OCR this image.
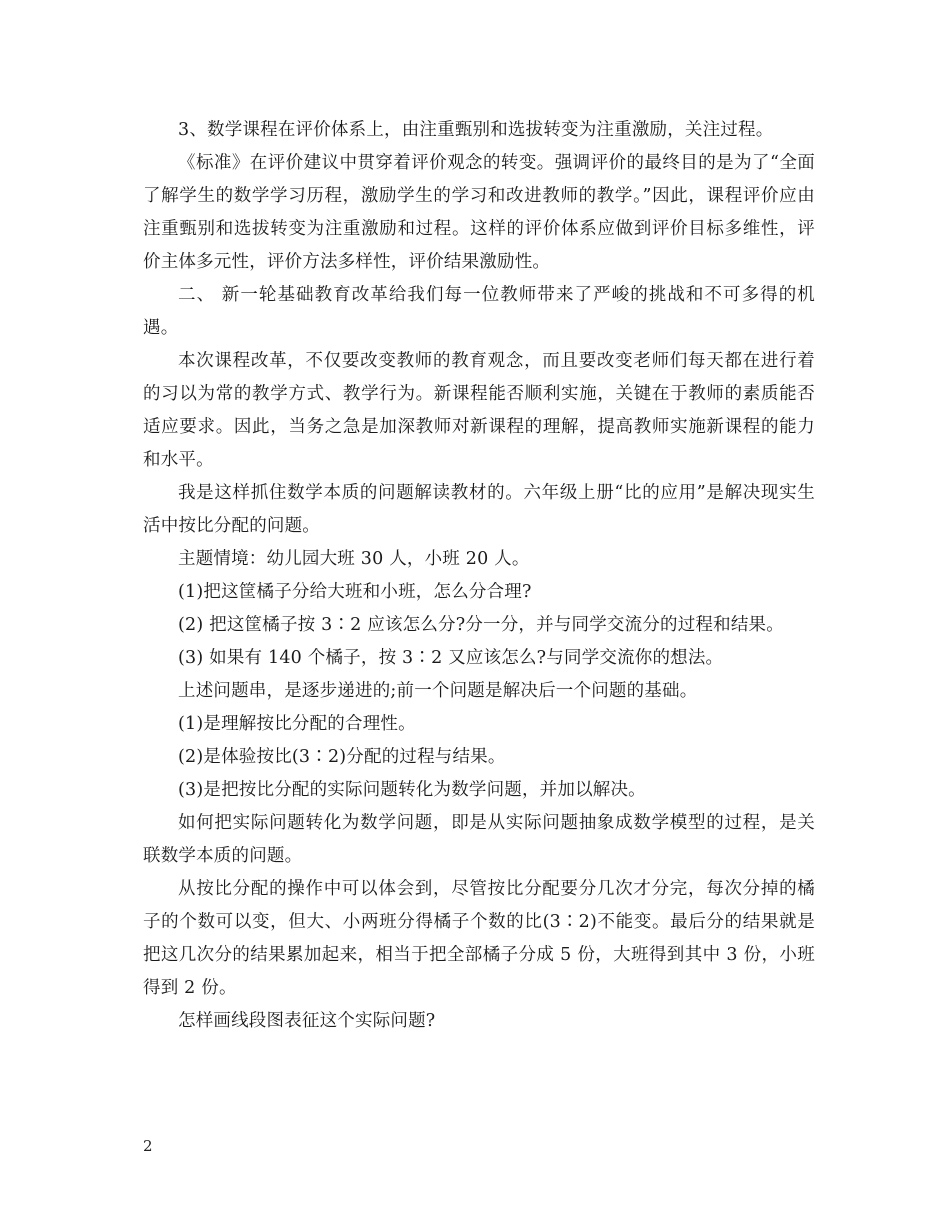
3、数学课程在评价体系上，由注重甄别和选拔转变为注重激励，关注过程。

《标准》在评价建议中贯穿着评价观念的转变。强调评价的最终目的是为了“全面了解学生的数学学习历程，激励学生的学习和改进教师的教学。”因此，课程评价应由注重甄别和选拔转变为注重激励和过程。这样的评价体系应做到评价目标多维性，评价主体多元性，评价方法多样性，评价结果激励性。

二、 新一轮基础教育改革给我们每一位教师带来了严峻的挑战和不可多得的机遇。

本次课程改革，不仅要改变教师的教育观念，而且要改变老师们每天都在进行着的习以为常的教学方式、教学行为。新课程能否顺利实施，关键在于教师的素质能否适应要求。因此，当务之急是加深教师对新课程的理解，提高教师实施新课程的能力和水平。

我是这样抓住数学本质的问题解读教材的。六年级上册“比的应用”是解决现实生活中按比分配的问题。

主题情境：幼儿园大班 30 人，小班 20 人。

(1)把这筐橘子分给大班和小班，怎么分合理?

(2) 把这筐橘子按 3∶2 应该怎么分?分一分，并与同学交流分的过程和结果。

(3) 如果有 140 个橘子，按 3∶2 又应该怎么?与同学交流你的想法。

上述问题串，是逐步递进的;前一个问题是解决后一个问题的基础。

(1)是理解按比分配的合理性。

(2)是体验按比(3∶2)分配的过程与结果。

(3)是把按比分配的实际问题转化为数学问题，并加以解决。

如何把实际问题转化为数学问题，即是从实际问题抽象成数学模型的过程，是关联数学本质的问题。

从按比分配的操作中可以体会到，尽管按比分配要分几次才分完，每次分掉的橘子的个数可以变，但大、小两班分得橘子个数的比(3∶2)不能变。最后分的结果就是把这几次分的结果累加起来，相当于把全部橘子分成 5 份，大班得到其中 3 份，小班得到 2 份。

怎样画线段图表征这个实际问题?

2
